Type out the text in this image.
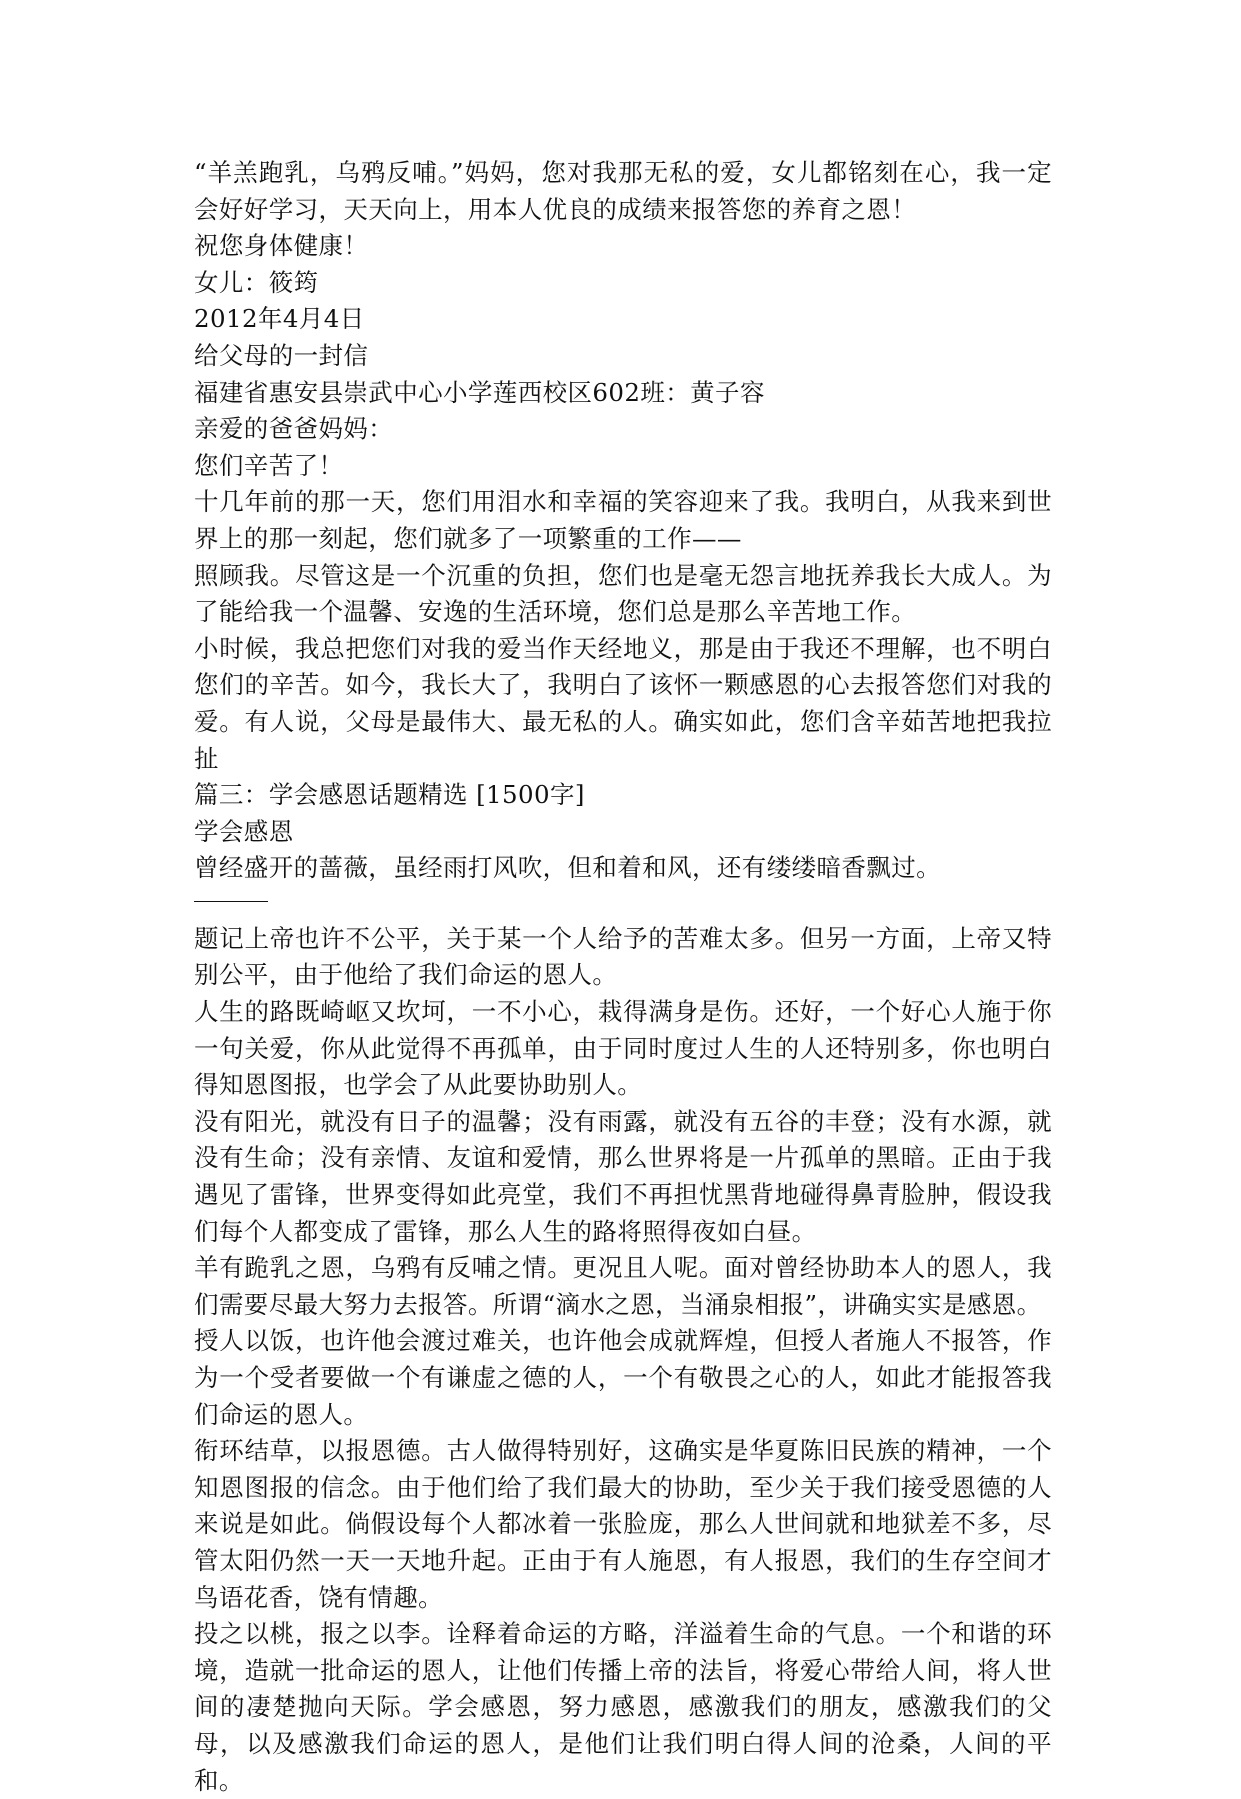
“羊羔跑乳，乌鸦反哺。”妈妈，您对我那无私的爱，女儿都铭刻在心，我一定会好好学习，天天向上，用本人优良的成绩来报答您的养育之恩！

祝您身体健康！

女儿：筱筠

2012年4月4日

给父母的一封信

福建省惠安县崇武中心小学莲西校区602班：黄子容

亲爱的爸爸妈妈：

您们辛苦了！

十几年前的那一天，您们用泪水和幸福的笑容迎来了我。我明白，从我来到世界上的那一刻起，您们就多了一项繁重的工作——

照顾我。尽管这是一个沉重的负担，您们也是毫无怨言地抚养我长大成人。为了能给我一个温馨、安逸的生活环境，您们总是那么辛苦地工作。

小时候，我总把您们对我的爱当作天经地义，那是由于我还不理解，也不明白您们的辛苦。如今，我长大了，我明白了该怀一颗感恩的心去报答您们对我的爱。有人说，父母是最伟大、最无私的人。确实如此，您们含辛茹苦地把我拉扯

篇三：学会感恩话题精选 [1500字]

学会感恩

曾经盛开的蔷薇，虽经雨打风吹，但和着和风，还有缕缕暗香飘过。

题记上帝也许不公平，关于某一个人给予的苦难太多。但另一方面，上帝又特别公平，由于他给了我们命运的恩人。

人生的路既崎岖又坎坷，一不小心，栽得满身是伤。还好，一个好心人施于你一句关爱，你从此觉得不再孤单，由于同时度过人生的人还特别多，你也明白得知恩图报，也学会了从此要协助别人。

没有阳光，就没有日子的温馨；没有雨露，就没有五谷的丰登；没有水源，就没有生命；没有亲情、友谊和爱情，那么世界将是一片孤单的黑暗。正由于我遇见了雷锋，世界变得如此亮堂，我们不再担忧黑背地碰得鼻青脸肿，假设我们每个人都变成了雷锋，那么人生的路将照得夜如白昼。

羊有跪乳之恩，乌鸦有反哺之情。更况且人呢。面对曾经协助本人的恩人，我们需要尽最大努力去报答。所谓“滴水之恩，当涌泉相报”，讲确实实是感恩。

授人以饭，也许他会渡过难关，也许他会成就辉煌，但授人者施人不报答，作为一个受者要做一个有谦虚之德的人，一个有敬畏之心的人，如此才能报答我们命运的恩人。

衔环结草，以报恩德。古人做得特别好，这确实是华夏陈旧民族的精神，一个知恩图报的信念。由于他们给了我们最大的协助，至少关于我们接受恩德的人来说是如此。倘假设每个人都冰着一张脸庞，那么人世间就和地狱差不多，尽管太阳仍然一天一天地升起。正由于有人施恩，有人报恩，我们的生存空间才鸟语花香，饶有情趣。

投之以桃，报之以李。诠释着命运的方略，洋溢着生命的气息。一个和谐的环境，造就一批命运的恩人，让他们传播上帝的法旨，将爱心带给人间，将人世间的凄楚抛向天际。学会感恩，努力感恩，感激我们的朋友，感激我们的父母，以及感激我们命运的恩人，是他们让我们明白得人间的沧桑，人间的平和。
